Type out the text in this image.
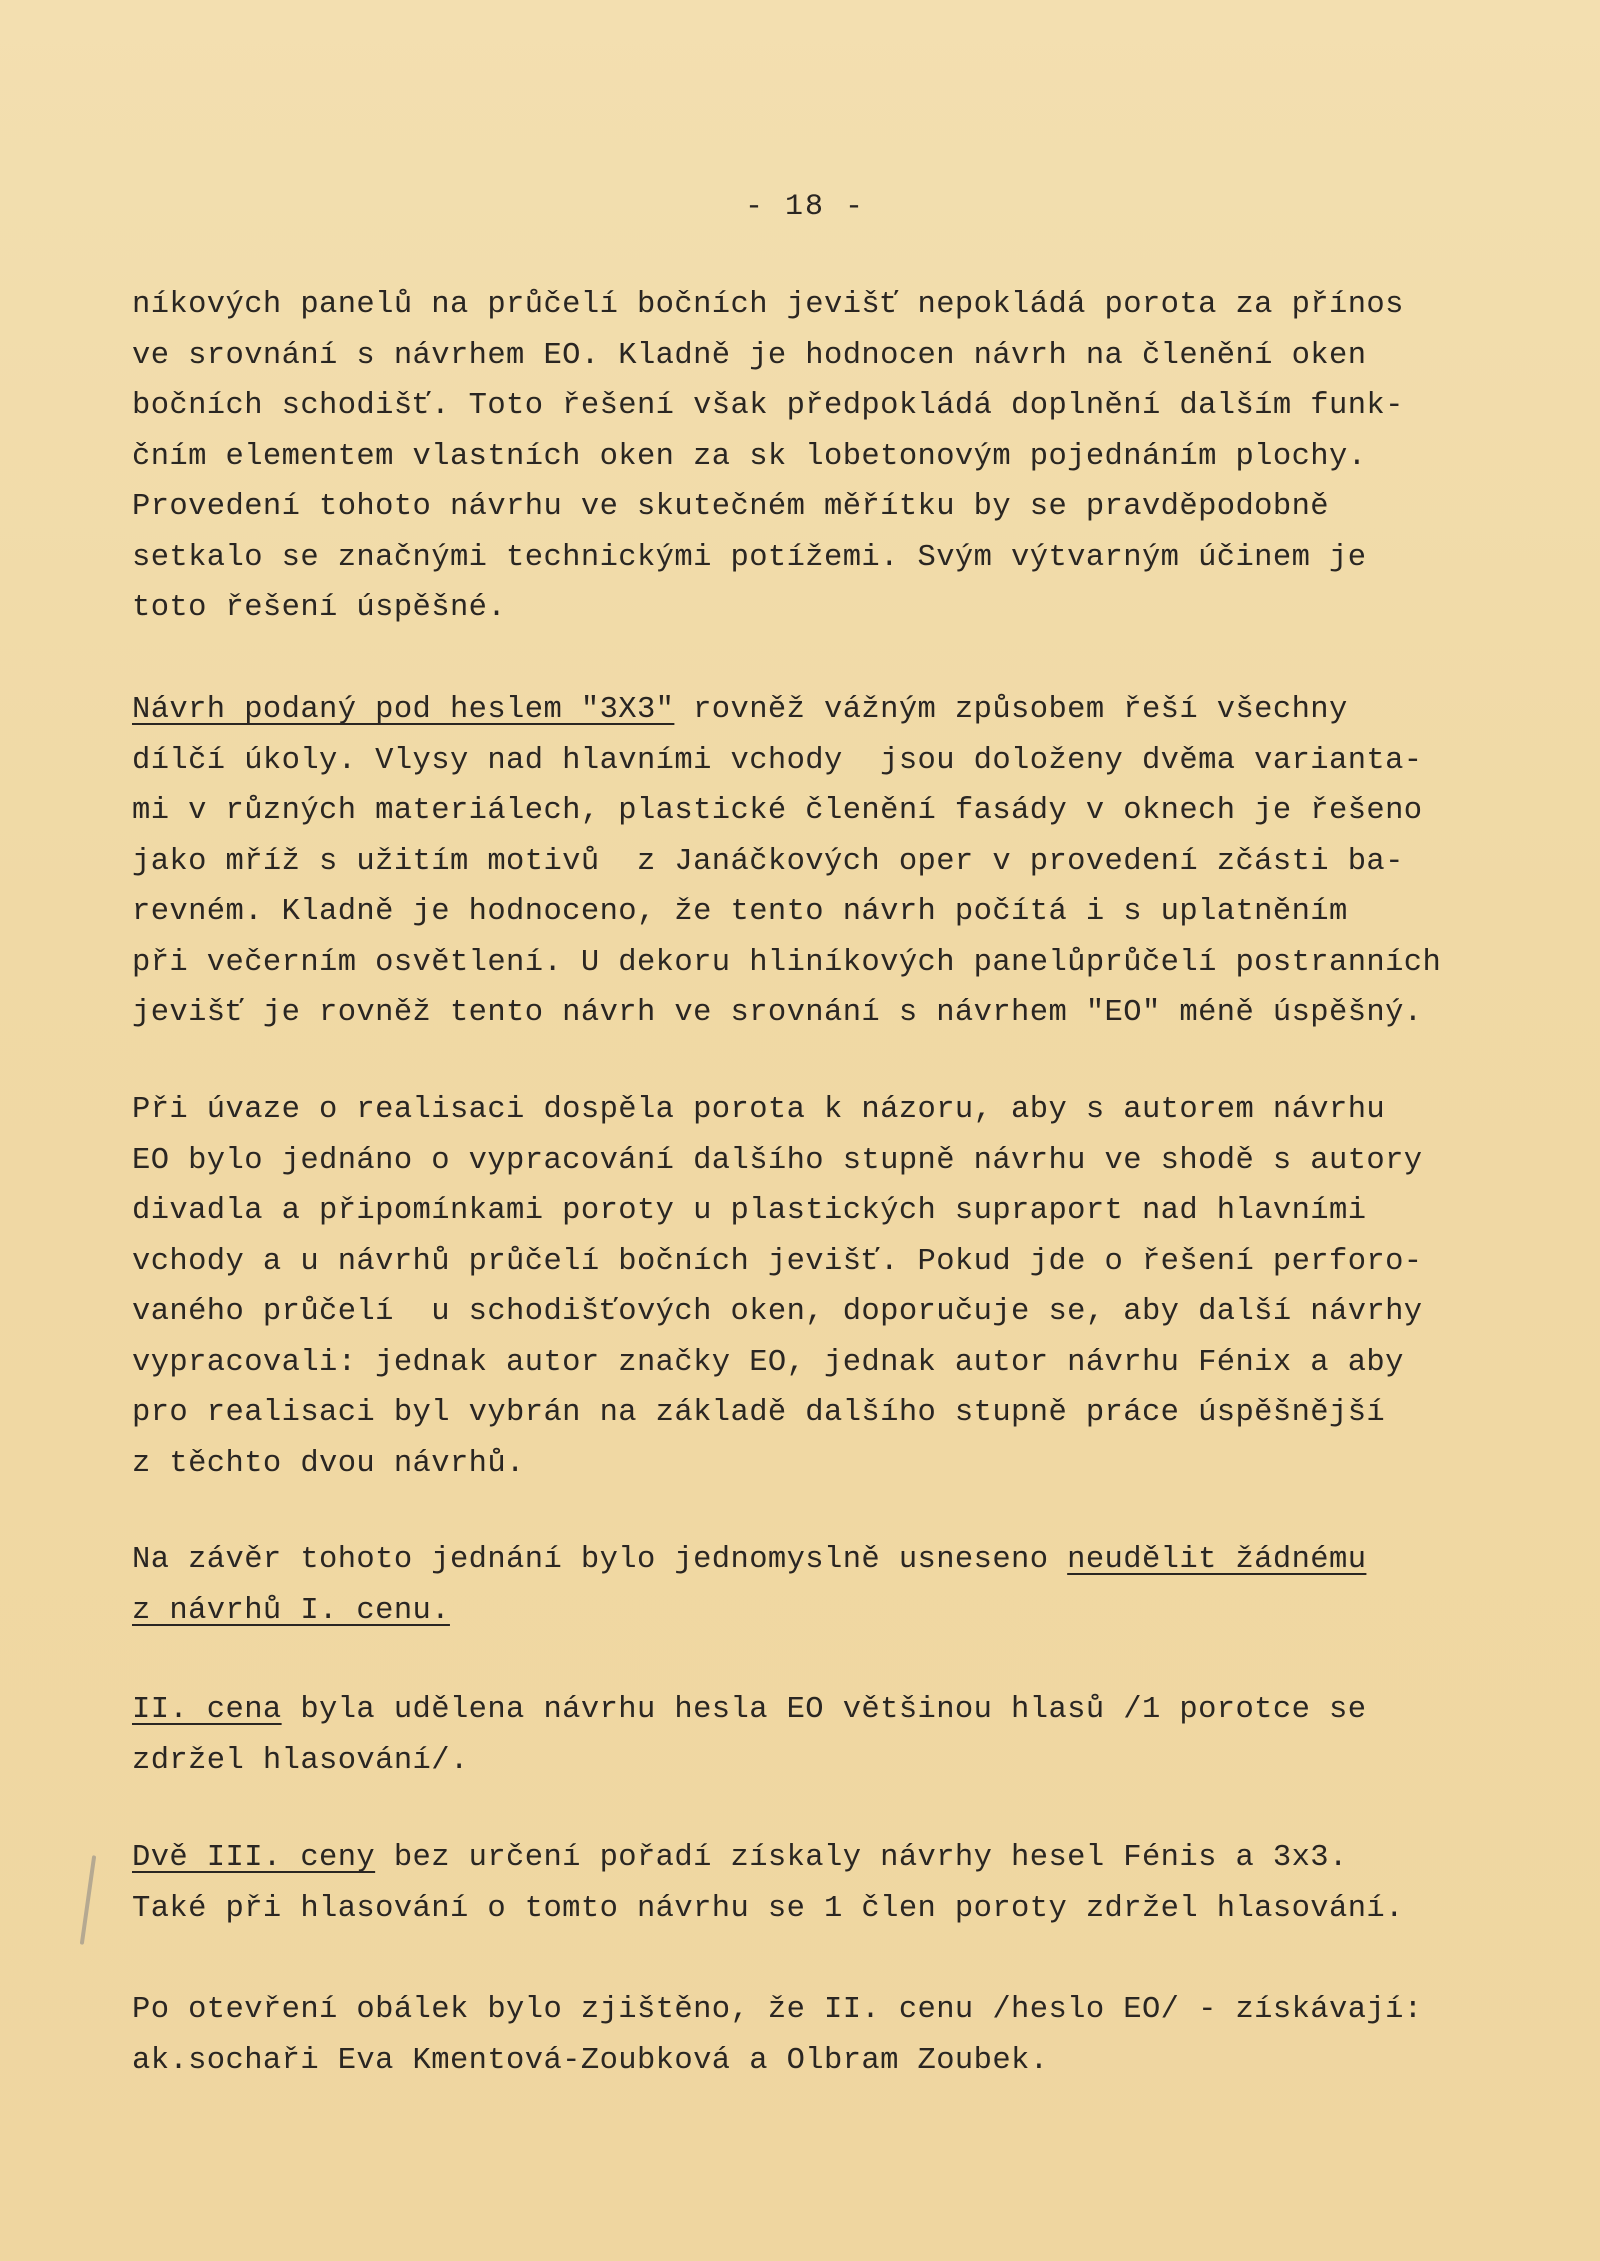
- 18 -
níkových panelů na průčelí bočních jevišť nepokládá porota za přínos
ve srovnání s návrhem EO. Kladně je hodnocen návrh na členění oken
bočních schodišť. Toto řešení však předpokládá doplnění dalším funk-
čním elementem vlastních oken za sk lobetonovým pojednáním plochy.
Provedení tohoto návrhu ve skutečném měřítku by se pravděpodobně
setkalo se značnými technickými potížemi. Svým výtvarným účinem je
toto řešení úspěšné.
Návrh podaný pod heslem "3X3" rovněž vážným způsobem řeší všechny
dílčí úkoly. Vlysy nad hlavními vchody  jsou doloženy dvěma varianta-
mi v různých materiálech, plastické členění fasády v oknech je řešeno
jako mříž s užitím motivů  z Janáčkových oper v provedení zčásti ba-
revném. Kladně je hodnoceno, že tento návrh počítá i s uplatněním
při večerním osvětlení. U dekoru hliníkových panelůprůčelí postranních
jevišť je rovněž tento návrh ve srovnání s návrhem "EO" méně úspěšný.
Při úvaze o realisaci dospěla porota k názoru, aby s autorem návrhu
EO bylo jednáno o vypracování dalšího stupně návrhu ve shodě s autory
divadla a připomínkami poroty u plastických supraport nad hlavními
vchody a u návrhů průčelí bočních jevišť. Pokud jde o řešení perforo-
vaného průčelí  u schodišťových oken, doporučuje se, aby další návrhy
vypracovali: jednak autor značky EO, jednak autor návrhu Fénix a aby
pro realisaci byl vybrán na základě dalšího stupně práce úspěšnější
z těchto dvou návrhů.
Na závěr tohoto jednání bylo jednomyslně usneseno neudělit žádnému
z návrhů I. cenu.
II. cena byla udělena návrhu hesla EO většinou hlasů /1 porotce se
zdržel hlasování/.
Dvě III. ceny bez určení pořadí získaly návrhy hesel Fénis a 3x3.
Také při hlasování o tomto návrhu se 1 člen poroty zdržel hlasování.
Po otevření obálek bylo zjištěno, že II. cenu /heslo EO/ - získávají:
ak.sochaři Eva Kmentová-Zoubková a Olbram Zoubek.
